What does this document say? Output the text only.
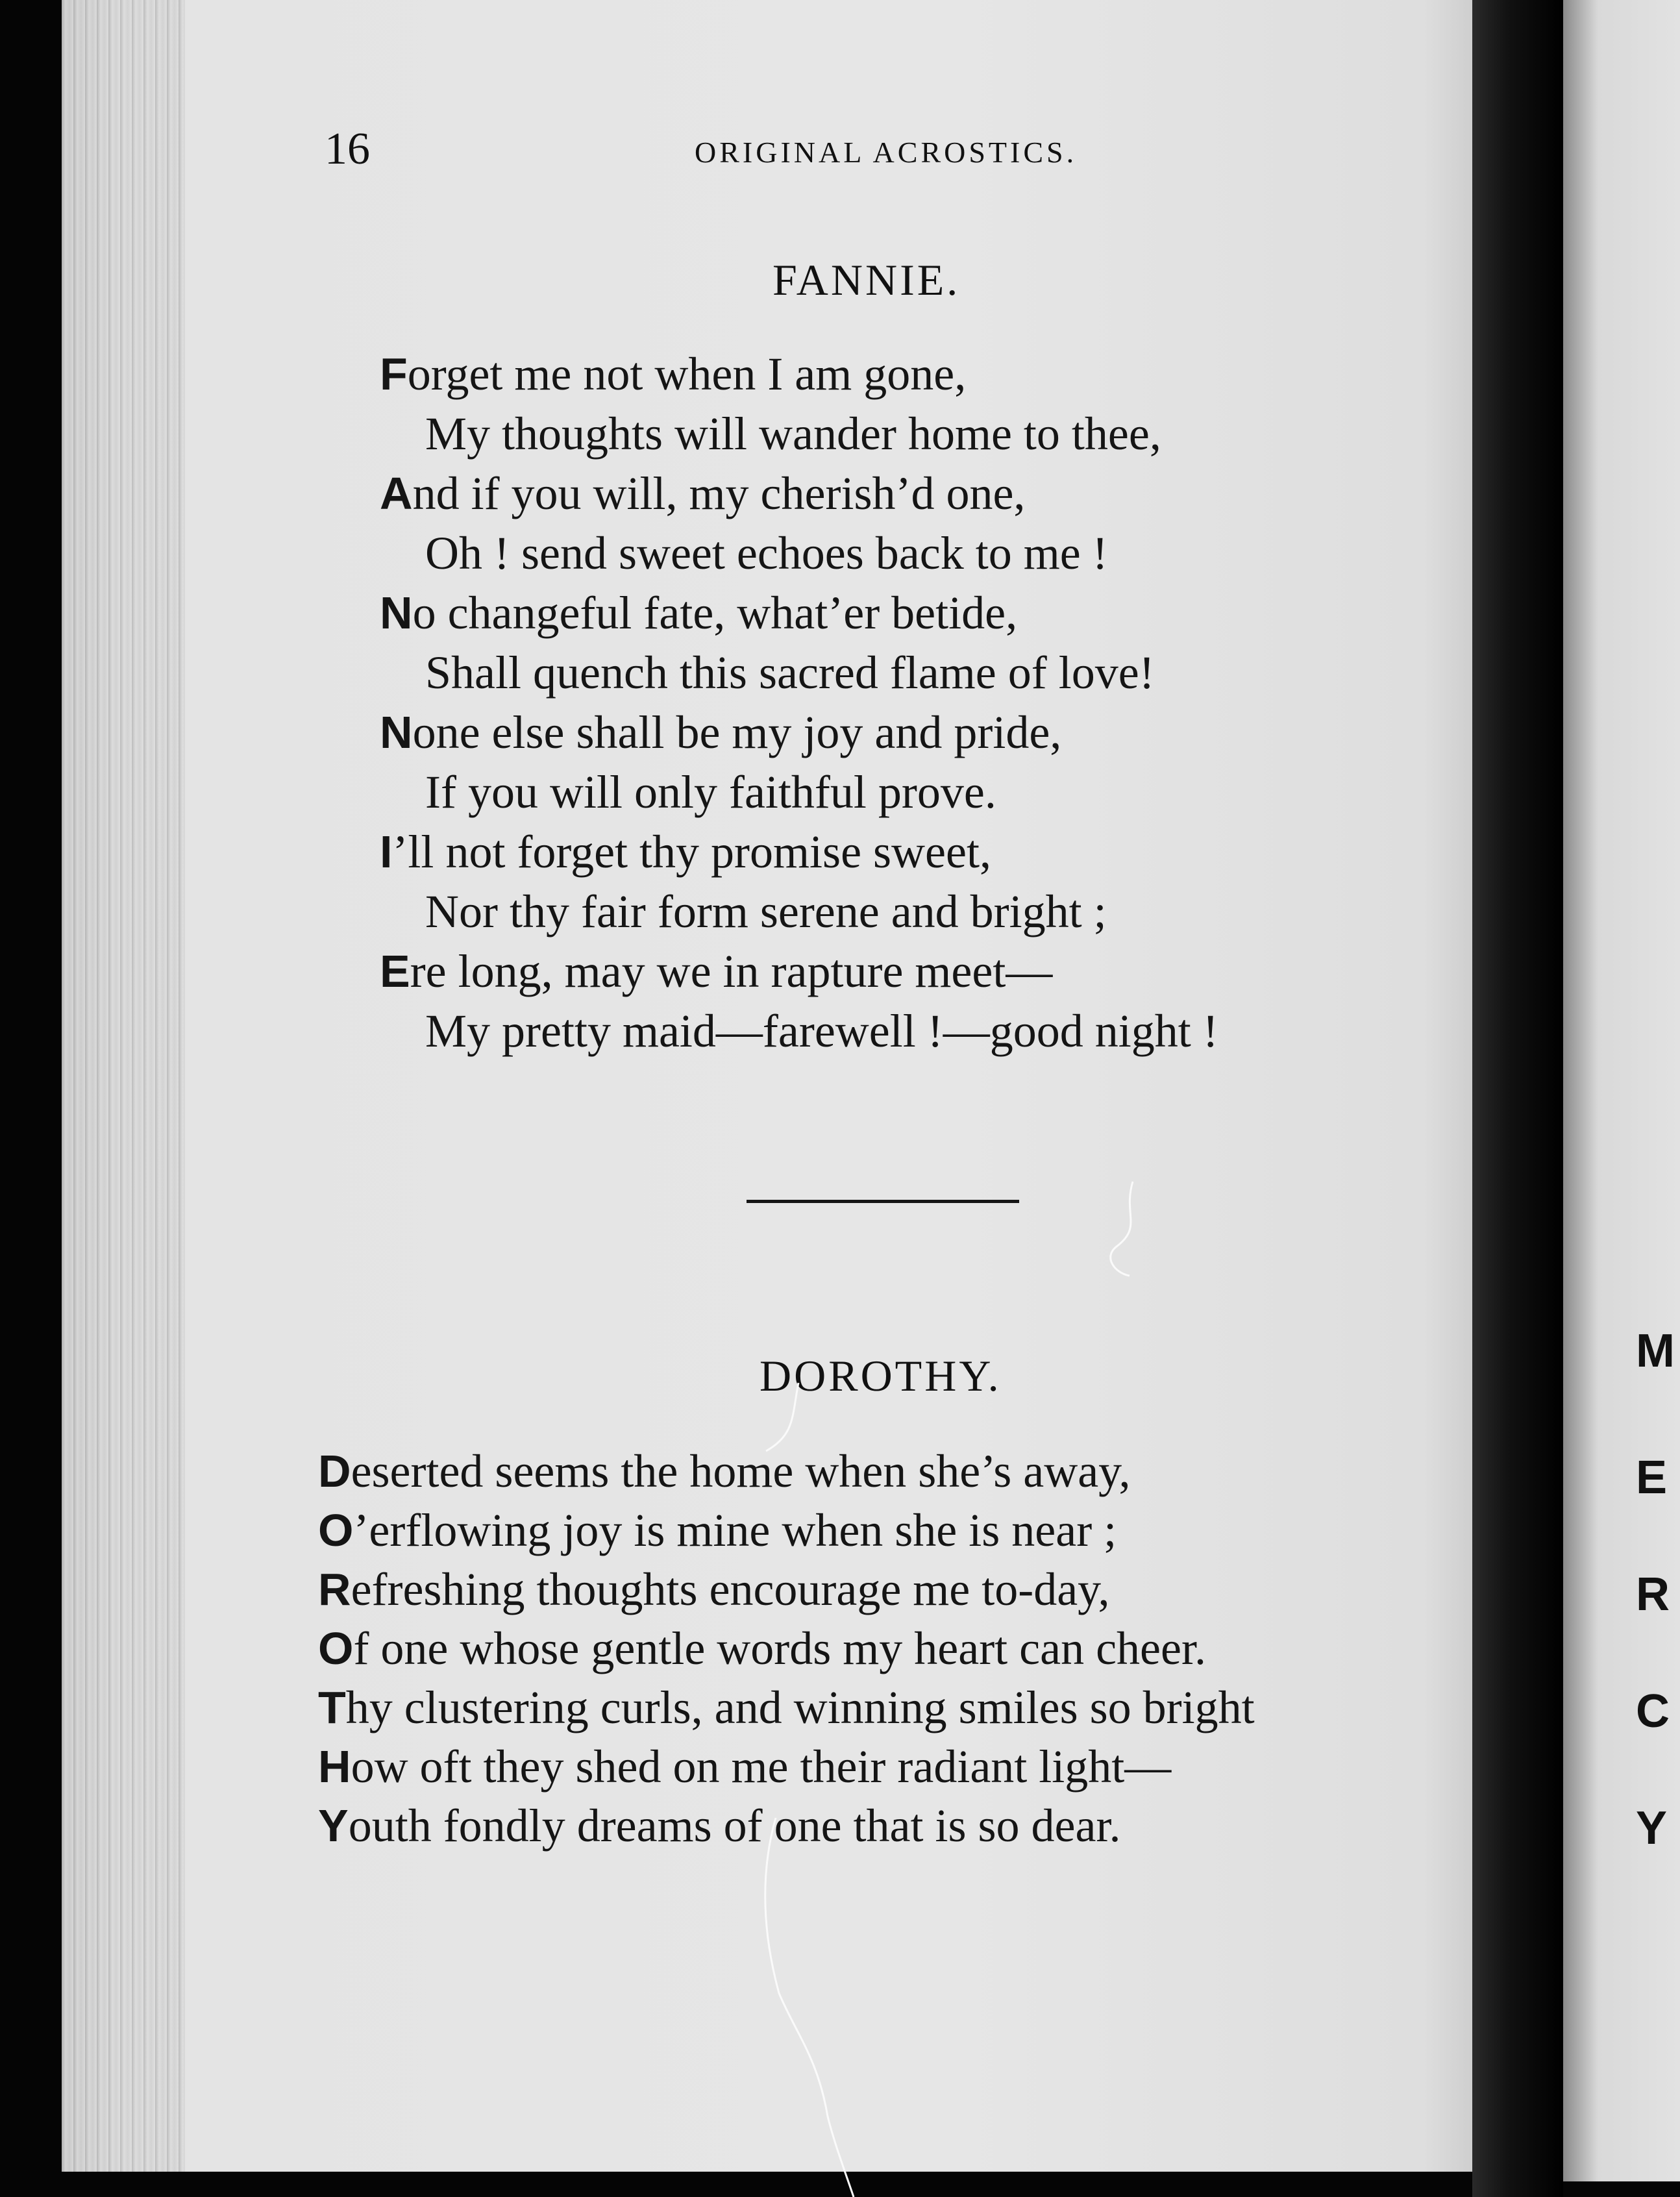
M
E
R
C
Y
16	ORIGINAL ACROSTICS.
FANNIE.
Forget me not when I am gone,
My thoughts will wander home to thee,
And if you will, my cherish’d one,
Oh ! send sweet echoes back to me !
No changeful fate, what’er betide,
Shall quench this sacred flame of love!
None else shall be my joy and pride,
If you will only faithful prove.
I’ll not forget thy promise sweet,
Nor thy fair form serene and bright ;
Ere long, may we in rapture meet—
My pretty maid—farewell !—good night !
DOROTHY.
Deserted seems the home when she’s away,
O’erflowing joy is mine when she is near ;
Refreshing thoughts encourage me to-day,
Of one whose gentle words my heart can cheer.
Thy clustering curls, and winning smiles so bright
How oft they shed on me their radiant light—
Youth fondly dreams of one that is so dear.
